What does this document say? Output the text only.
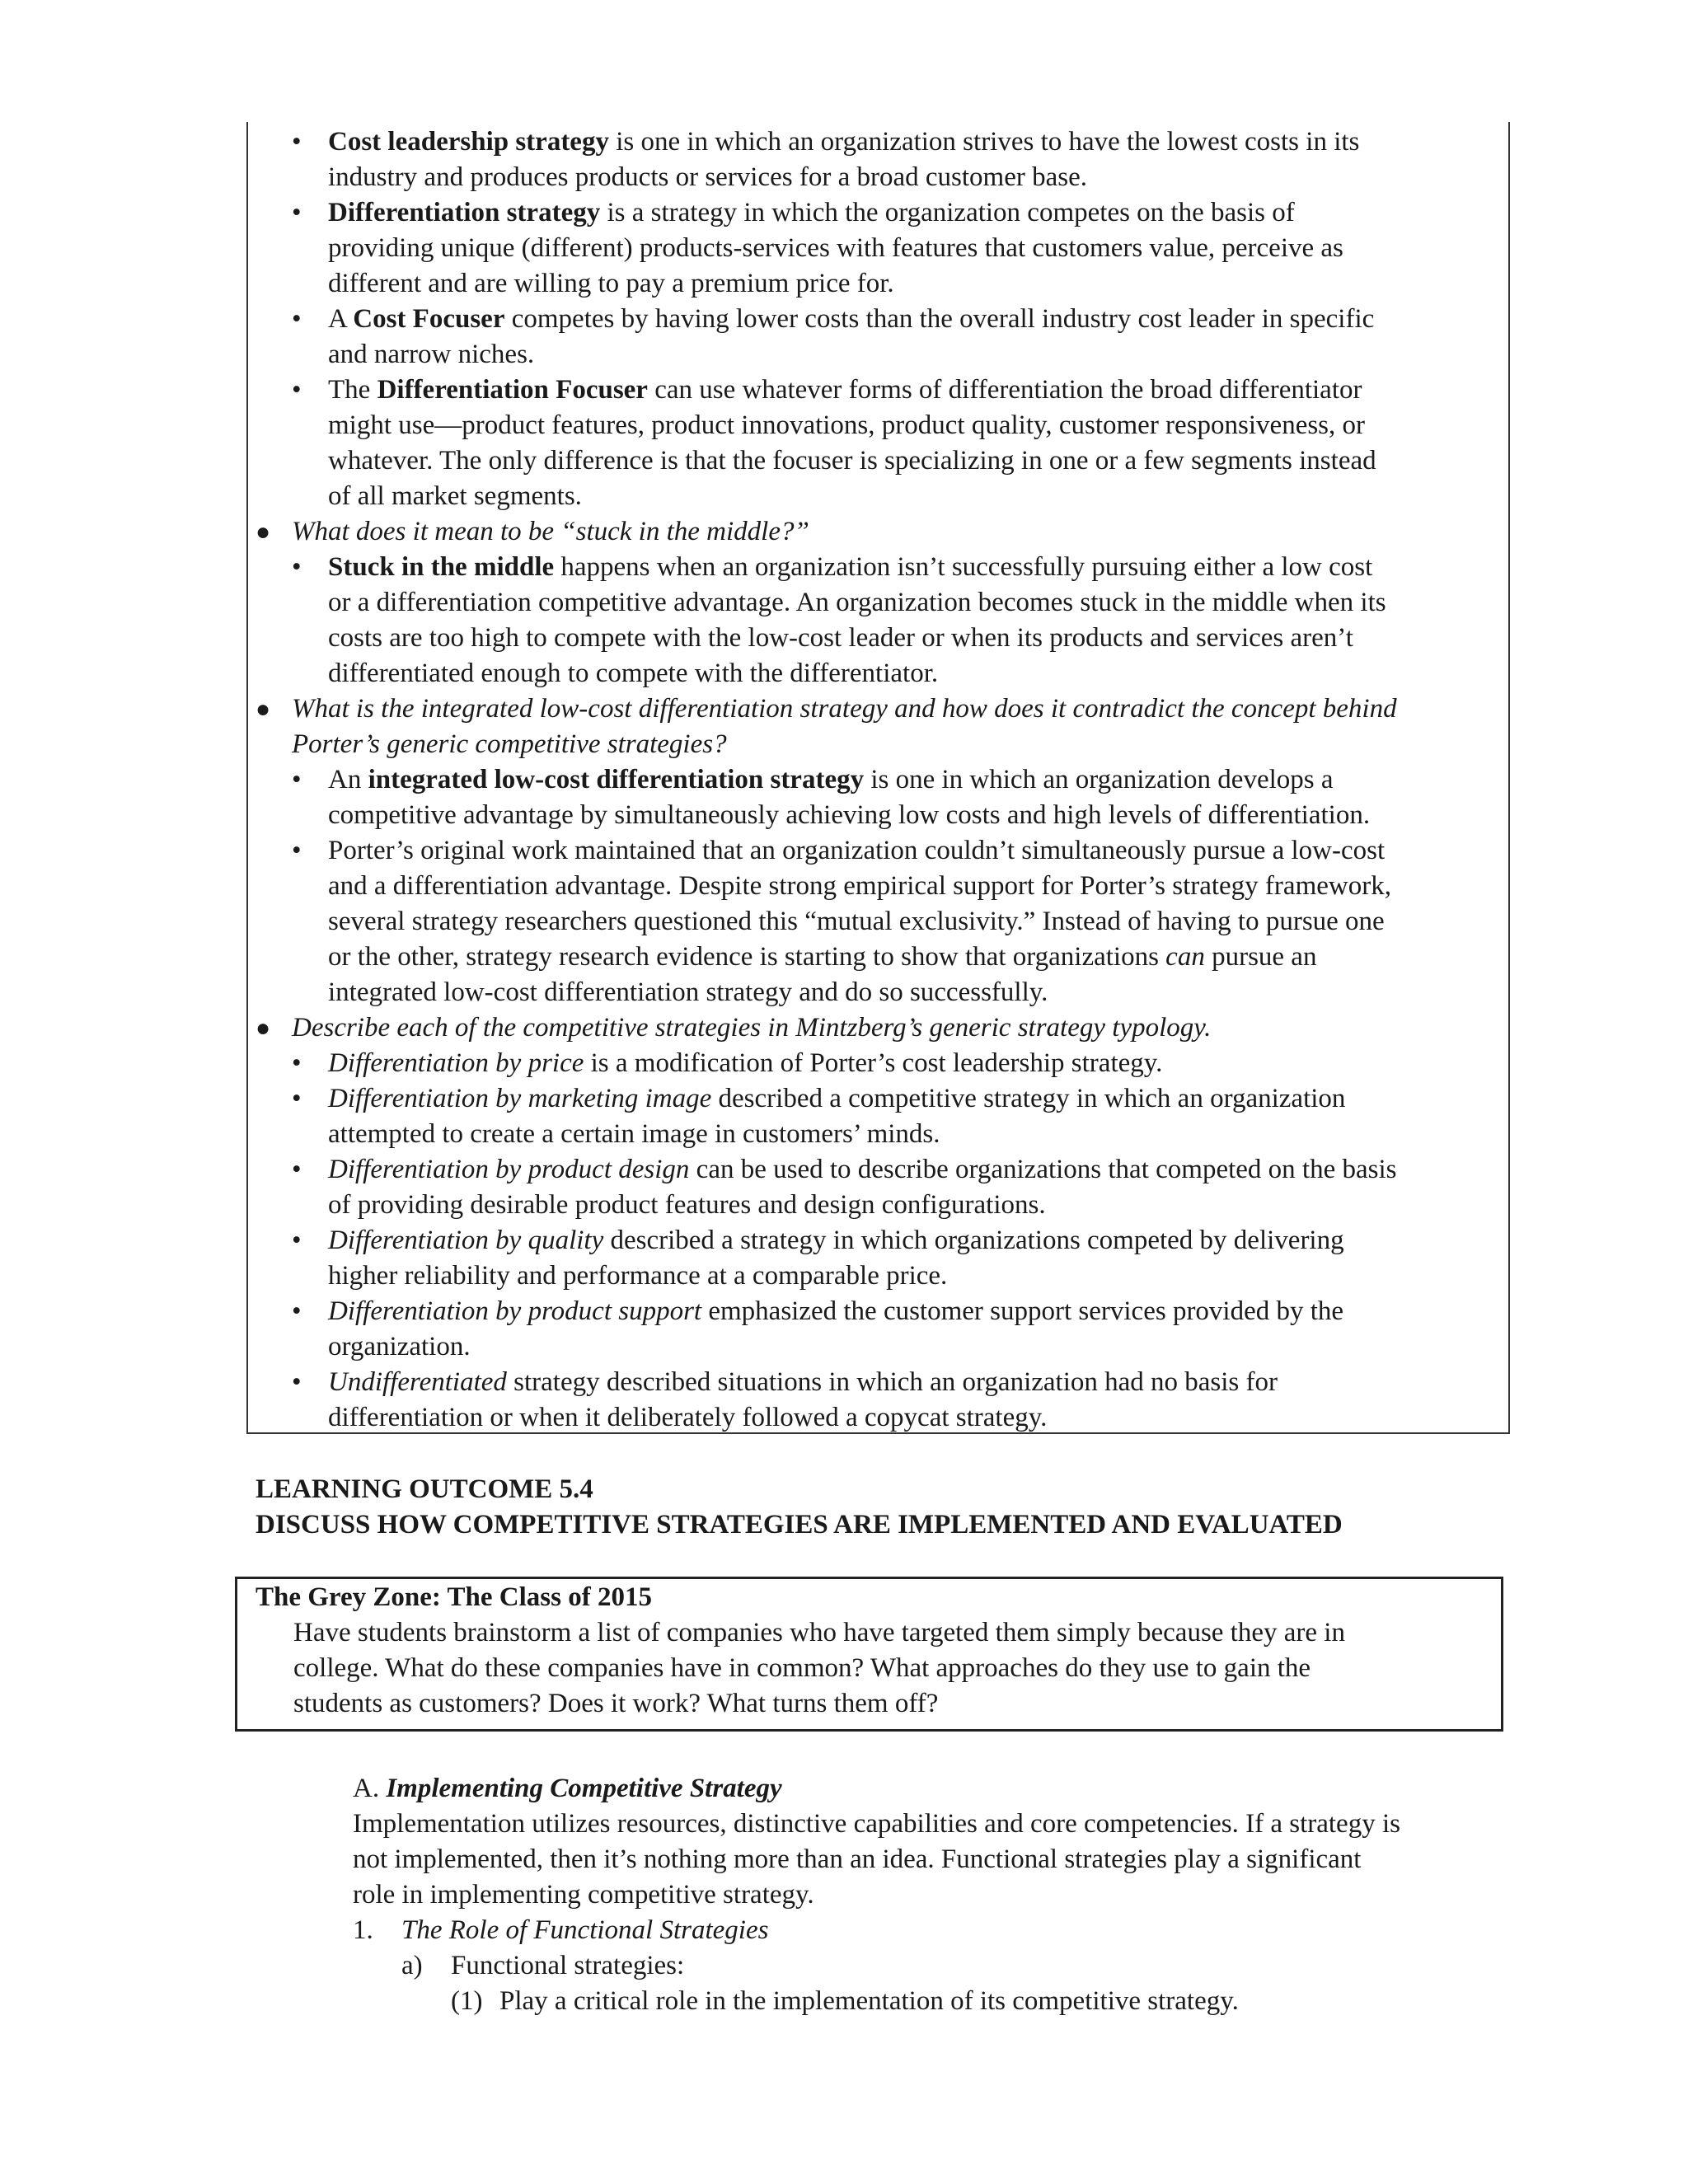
• Cost leadership strategy is one in which an organization strives to have the lowest costs in its
industry and produces products or services for a broad customer base.
• Differentiation strategy is a strategy in which the organization competes on the basis of
providing unique (different) products-services with features that customers value, perceive as
different and are willing to pay a premium price for.
• A Cost Focuser competes by having lower costs than the overall industry cost leader in specific
and narrow niches.
• The Differentiation Focuser can use whatever forms of differentiation the broad differentiator
might use—product features, product innovations, product quality, customer responsiveness, or
whatever. The only difference is that the focuser is specializing in one or a few segments instead
of all market segments.
● What does it mean to be “stuck in the middle?”
• Stuck in the middle happens when an organization isn’t successfully pursuing either a low cost
or a differentiation competitive advantage. An organization becomes stuck in the middle when its
costs are too high to compete with the low-cost leader or when its products and services aren’t
differentiated enough to compete with the differentiator.
● What is the integrated low-cost differentiation strategy and how does it contradict the concept behind
Porter’s generic competitive strategies?
• An integrated low-cost differentiation strategy is one in which an organization develops a
competitive advantage by simultaneously achieving low costs and high levels of differentiation.
• Porter’s original work maintained that an organization couldn’t simultaneously pursue a low-cost
and a differentiation advantage. Despite strong empirical support for Porter’s strategy framework,
several strategy researchers questioned this “mutual exclusivity.” Instead of having to pursue one
or the other, strategy research evidence is starting to show that organizations can pursue an
integrated low-cost differentiation strategy and do so successfully.
● Describe each of the competitive strategies in Mintzberg’s generic strategy typology.
• Differentiation by price is a modification of Porter’s cost leadership strategy.
• Differentiation by marketing image described a competitive strategy in which an organization
attempted to create a certain image in customers’ minds.
• Differentiation by product design can be used to describe organizations that competed on the basis
of providing desirable product features and design configurations.
• Differentiation by quality described a strategy in which organizations competed by delivering
higher reliability and performance at a comparable price.
• Differentiation by product support emphasized the customer support services provided by the
organization.
• Undifferentiated strategy described situations in which an organization had no basis for
differentiation or when it deliberately followed a copycat strategy.
LEARNING OUTCOME 5.4
DISCUSS HOW COMPETITIVE STRATEGIES ARE IMPLEMENTED AND EVALUATED
The Grey Zone: The Class of 2015
Have students brainstorm a list of companies who have targeted them simply because they are in
college. What do these companies have in common? What approaches do they use to gain the
students as customers? Does it work? What turns them off?
A. Implementing Competitive Strategy
Implementation utilizes resources, distinctive capabilities and core competencies. If a strategy is
not implemented, then it’s nothing more than an idea. Functional strategies play a significant
role in implementing competitive strategy.
1. The Role of Functional Strategies
a) Functional strategies:
(1) Play a critical role in the implementation of its competitive strategy.
